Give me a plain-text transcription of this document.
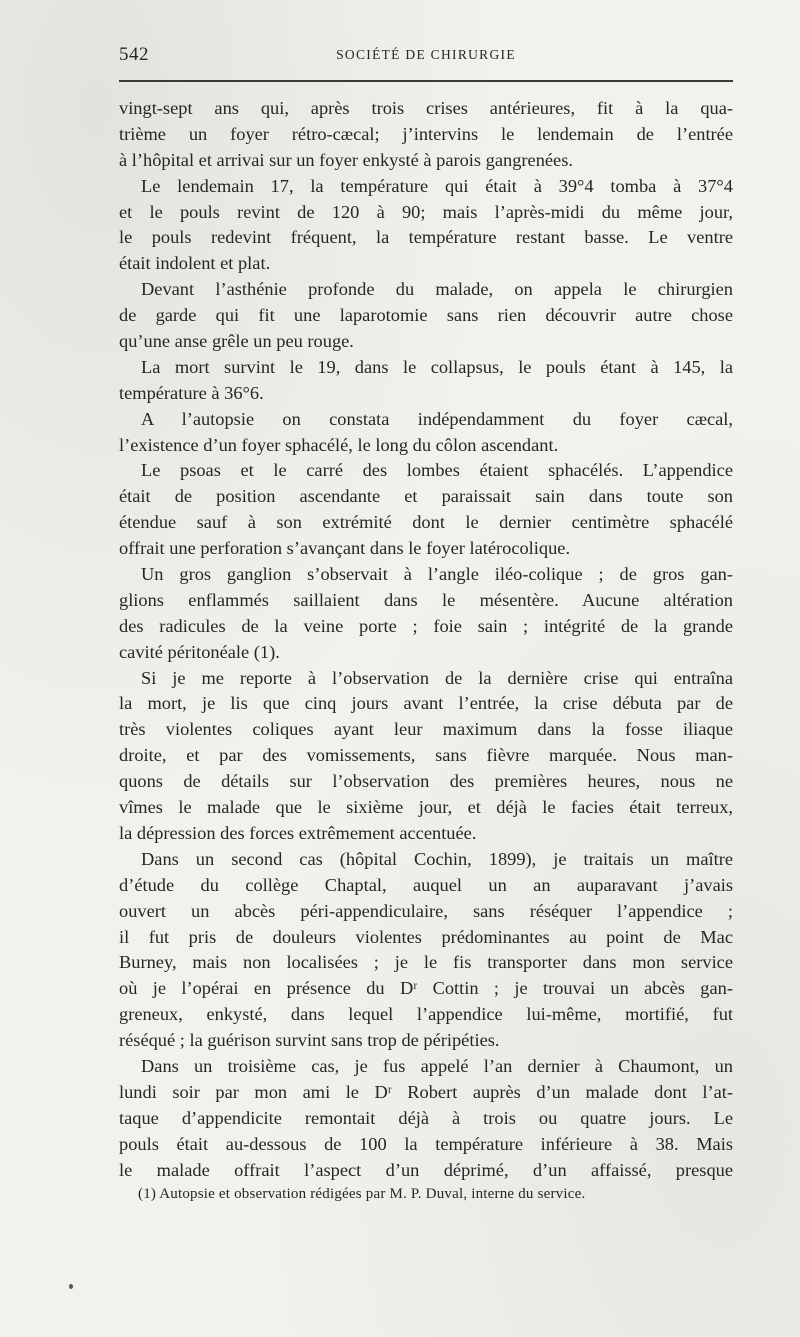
542	SOCIÉTÉ DE CHIRURGIE
vingt-sept ans qui, après trois crises antérieures, fit à la qua-
trième un foyer rétro-cæcal; j’intervins le lendemain de l’entrée
à l’hôpital et arrivai sur un foyer enkysté à parois gangrenées.
Le lendemain 17, la température qui était à 39°4 tomba à 37°4
et le pouls revint de 120 à 90; mais l’après-midi du même jour,
le pouls redevint fréquent, la température restant basse. Le ventre
était indolent et plat.
Devant l’asthénie profonde du malade, on appela le chirurgien
de garde qui fit une laparotomie sans rien découvrir autre chose
qu’une anse grêle un peu rouge.
La mort survint le 19, dans le collapsus, le pouls étant à 145, la
température à 36°6.
A l’autopsie on constata indépendamment du foyer cæcal,
l’existence d’un foyer sphacélé, le long du côlon ascendant.
Le psoas et le carré des lombes étaient sphacélés. L’appendice
était de position ascendante et paraissait sain dans toute son
étendue sauf à son extrémité dont le dernier centimètre sphacélé
offrait une perforation s’avançant dans le foyer latérocolique.
Un gros ganglion s’observait à l’angle iléo-colique ; de gros gan-
glions enflammés saillaient dans le mésentère. Aucune altération
des radicules de la veine porte ; foie sain ; intégrité de la grande
cavité péritonéale (1).
Si je me reporte à l’observation de la dernière crise qui entraîna
la mort, je lis que cinq jours avant l’entrée, la crise débuta par de
très violentes coliques ayant leur maximum dans la fosse iliaque
droite, et par des vomissements, sans fièvre marquée. Nous man-
quons de détails sur l’observation des premières heures, nous ne
vîmes le malade que le sixième jour, et déjà le facies était terreux,
la dépression des forces extrêmement accentuée.
Dans un second cas (hôpital Cochin, 1899), je traitais un maître
d’étude du collège Chaptal, auquel un an auparavant j’avais
ouvert un abcès péri-appendiculaire, sans réséquer l’appendice ;
il fut pris de douleurs violentes prédominantes au point de Mac
Burney, mais non localisées ; je le fis transporter dans mon service
où je l’opérai en présence du Dʳ Cottin ; je trouvai un abcès gan-
greneux, enkysté, dans lequel l’appendice lui-même, mortifié, fut
réséqué ; la guérison survint sans trop de péripéties.
Dans un troisième cas, je fus appelé l’an dernier à Chaumont, un
lundi soir par mon ami le Dʳ Robert auprès d’un malade dont l’at-
taque d’appendicite remontait déjà à trois ou quatre jours. Le
pouls était au-dessous de 100 la température inférieure à 38. Mais
le malade offrait l’aspect d’un déprimé, d’un affaissé, presque
(1) Autopsie et observation rédigées par M. P. Duval, interne du service.
